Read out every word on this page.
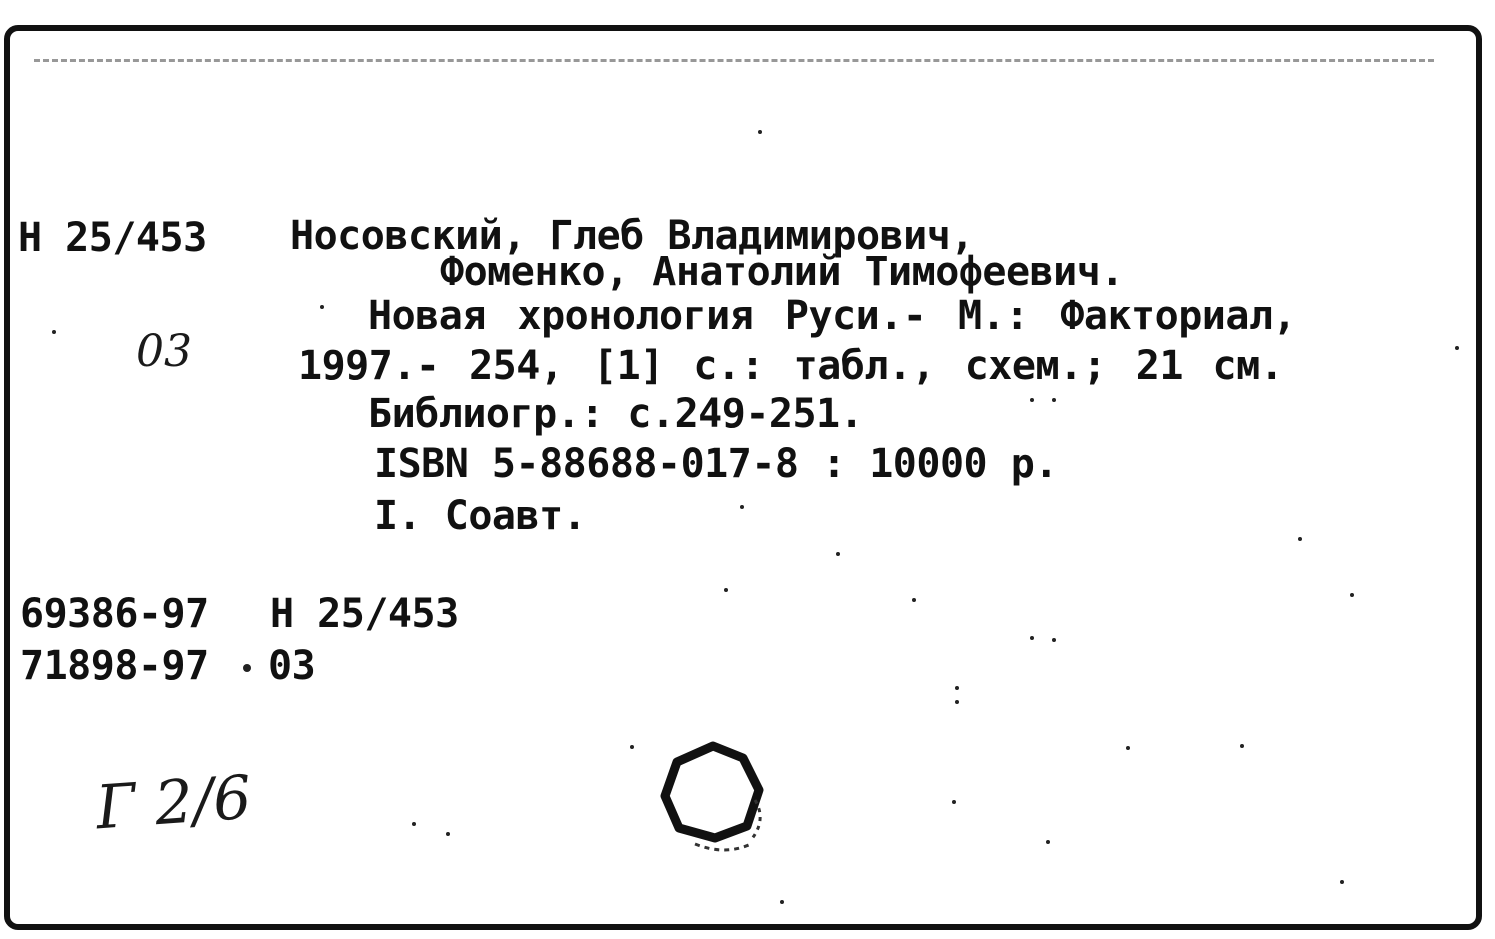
Н 25/453
03
Носовский, Глеб Владимирович,
Фоменко, Анатолий Тимофеевич.
Новая хронология Руси.- М.: Факториал,
1997.- 254, [1] с.: табл., схем.; 21 см.
Библиогр.: с.249-251.
ISBN 5-88688-017-8 : 10000 р.
I. Соавт.
69386-97 Н 25/453
71898-97 03
Г 2/6
